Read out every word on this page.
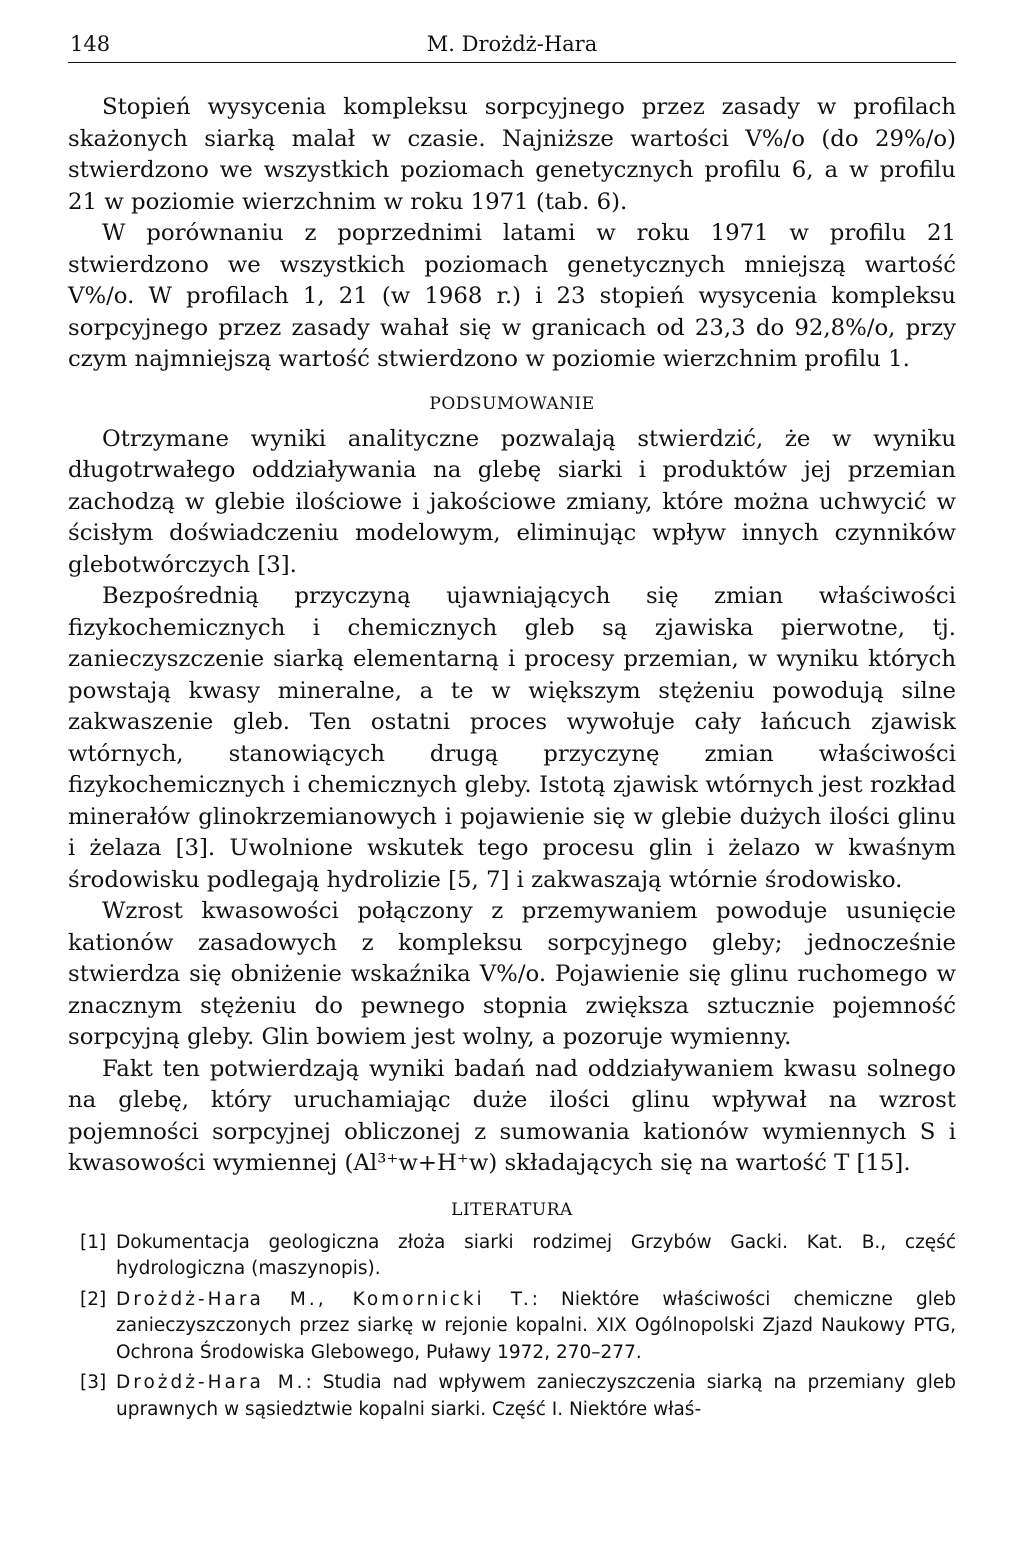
148	M. Drożdż-Hara

Stopień wysycenia kompleksu sorpcyjnego przez zasady w profilach skażonych siarką malał w czasie. Najniższe wartości V%/o (do 29%/o) stwierdzono we wszystkich poziomach genetycznych profilu 6, a w profilu 21 w poziomie wierzchnim w roku 1971 (tab. 6).

W porównaniu z poprzednimi latami w roku 1971 w profilu 21 stwierdzono we wszystkich poziomach genetycznych mniejszą wartość V%/o. W profilach 1, 21 (w 1968 r.) i 23 stopień wysycenia kompleksu sorpcyjnego przez zasady wahał się w granicach od 23,3 do 92,8%/o, przy czym najmniejszą wartość stwierdzono w poziomie wierzchnim profilu 1.

PODSUMOWANIE

Otrzymane wyniki analityczne pozwalają stwierdzić, że w wyniku długotrwałego oddziaływania na glebę siarki i produktów jej przemian zachodzą w glebie ilościowe i jakościowe zmiany, które można uchwycić w ścisłym doświadczeniu modelowym, eliminując wpływ innych czynników glebotwórczych [3].

Bezpośrednią przyczyną ujawniających się zmian właściwości fizykochemicznych i chemicznych gleb są zjawiska pierwotne, tj. zanieczyszczenie siarką elementarną i procesy przemian, w wyniku których powstają kwasy mineralne, a te w większym stężeniu powodują silne zakwaszenie gleb. Ten ostatni proces wywołuje cały łańcuch zjawisk wtórnych, stanowiących drugą przyczynę zmian właściwości fizykochemicznych i chemicznych gleby. Istotą zjawisk wtórnych jest rozkład minerałów glinokrzemianowych i pojawienie się w glebie dużych ilości glinu i żelaza [3]. Uwolnione wskutek tego procesu glin i żelazo w kwaśnym środowisku podlegają hydrolizie [5, 7] i zakwaszają wtórnie środowisko.

Wzrost kwasowości połączony z przemywaniem powoduje usunięcie kationów zasadowych z kompleksu sorpcyjnego gleby; jednocześnie stwierdza się obniżenie wskaźnika V%/o. Pojawienie się glinu ruchomego w znacznym stężeniu do pewnego stopnia zwiększa sztucznie pojemność sorpcyjną gleby. Glin bowiem jest wolny, a pozoruje wymienny.

Fakt ten potwierdzają wyniki badań nad oddziaływaniem kwasu solnego na glebę, który uruchamiając duże ilości glinu wpływał na wzrost pojemności sorpcyjnej obliczonej z sumowania kationów wymiennych S i kwasowości wymiennej (Al³⁺w+H⁺w) składających się na wartość T [15].

LITERATURA
[1] Dokumentacja geologiczna złoża siarki rodzimej Grzybów Gacki. Kat. B., część hydrologiczna (maszynopis).
[2] Drożdż-Hara M., Komornicki T.: Niektóre właściwości chemiczne gleb zanieczyszczonych przez siarkę w rejonie kopalni. XIX Ogólnopolski Zjazd Naukowy PTG, Ochrona Środowiska Glebowego, Puławy 1972, 270–277.
[3] Drożdż-Hara M.: Studia nad wpływem zanieczyszczenia siarką na przemiany gleb uprawnych w sąsiedztwie kopalni siarki. Część I. Niektóre właś-
